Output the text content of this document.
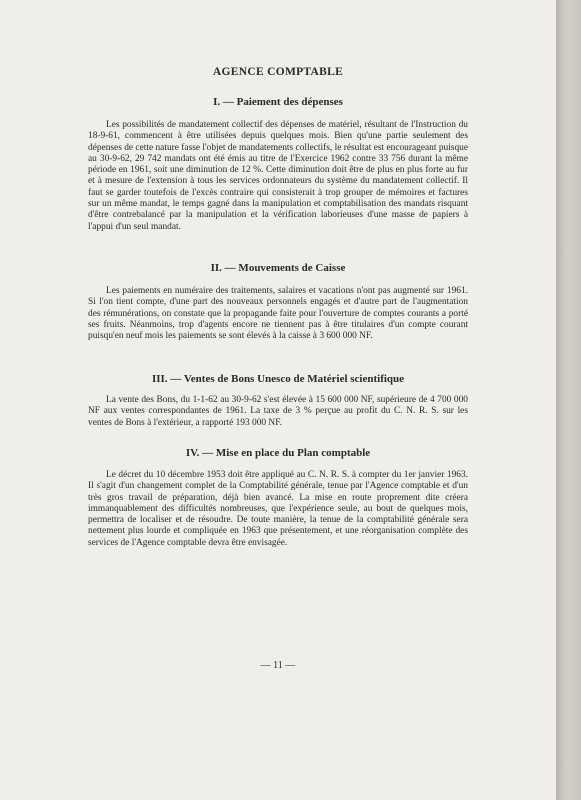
AGENCE COMPTABLE
I. — Paiement des dépenses

Les possibilités de mandatement collectif des dépenses de matériel, résultant de l'Instruction du 18-9-61, commencent à être utilisées depuis quelques mois. Bien qu'une partie seulement des dépenses de cette nature fasse l'objet de mandatements collectifs, le résultat est encourageant puisque au 30-9-62, 29 742 mandats ont été émis au titre de l'Exercice 1962 contre 33 756 durant la même période en 1961, soit une diminution de 12 %. Cette diminution doit être de plus en plus forte au fur et à mesure de l'extension à tous les services ordonnateurs du système du mandatement collectif. Il faut se garder toutefois de l'excès contraire qui consisterait à trop grouper de mémoires et factures sur un même mandat, le temps gagné dans la manipulation et comptabilisation des mandats risquant d'être contrebalancé par la manipulation et la vérification laborieuses d'une masse de papiers à l'appui d'un seul mandat.

II. — Mouvements de Caisse

Les paiements en numéraire des traitements, salaires et vacations n'ont pas augmenté sur 1961. Si l'on tient compte, d'une part des nouveaux personnels engagés et d'autre part de l'augmentation des rémunérations, on constate que la propagande faite pour l'ouverture de comptes courants a porté ses fruits. Néanmoins, trop d'agents encore ne tiennent pas à être titulaires d'un compte courant puisqu'en neuf mois les paiements se sont élevés à la caisse à 3 600 000 NF.

III. — Ventes de Bons Unesco de Matériel scientifique

La vente des Bons, du 1-1-62 au 30-9-62 s'est élevée à 15 600 000 NF, supérieure de 4 700 000 NF aux ventes correspondantes de 1961. La taxe de 3 % perçue au profit du C. N. R. S. sur les ventes de Bons à l'extérieur, a rapporté 193 000 NF.

IV. — Mise en place du Plan comptable

Le décret du 10 décembre 1953 doit être appliqué au C. N. R. S. à compter du 1er janvier 1963. Il s'agit d'un changement complet de la Comptabilité générale, tenue par l'Agence comptable et d'un très gros travail de préparation, déjà bien avancé. La mise en route proprement dite créera immanquablement des difficultés nombreuses, que l'expérience seule, au bout de quelques mois, permettra de localiser et de résoudre. De toute manière, la tenue de la comptabilité générale sera nettement plus lourde et compliquée en 1963 que présentement, et une réorganisation complète des services de l'Agence comptable devra être envisagée.

— 11 —
